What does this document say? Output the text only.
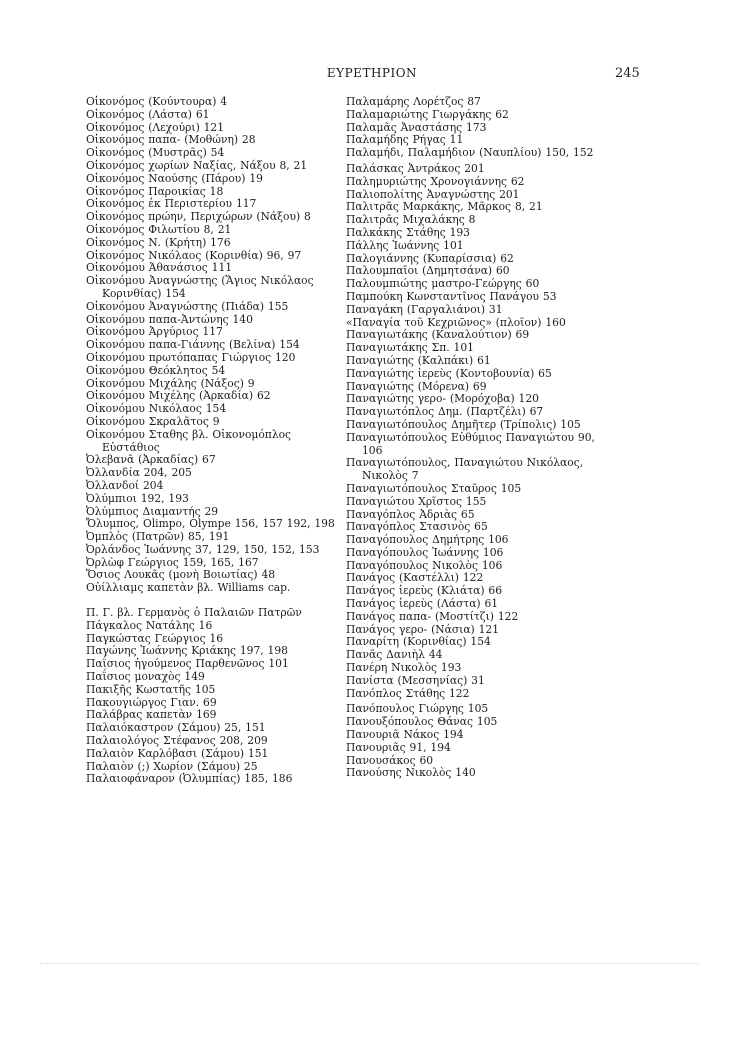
ΕΥΡΕΤΗΡΙΟΝ	245
Οἰκονόμος (Κούντουρα) 4
Οἰκονόμος (Λάστα) 61
Οἰκονόμος (Λεχούρι) 121
Οἰκονόμος παπα- (Μοθώνη) 28
Οἰκονόμος (Μυστρᾶς) 54
Οἰκονόμος χωρίων Ναξίας, Νάξου 8, 21
Οἰκονόμος Ναούσης (Πάρου) 19
Οἰκονόμος Παροικίας 18
Οἰκονόμος ἐκ Περιστερίου 117
Οἰκονόμος πρώην, Περιχώρων (Νάξου) 8
Οἰκονόμος Φιλωτίου 8, 21
Οἰκονόμος Ν. (Κρήτη) 176
Οἰκονόμος Νικόλαος (Κορινθία) 96, 97
Οἰκονόμου Ἀθανάσιος 111
Οἰκονόμου Ἀναγνώστης (Ἅγιος Νικόλαος Κορινθίας) 154
Οἰκονόμου Ἀναγνώστης (Πιάδα) 155
Οἰκονόμου παπα-Ἀντώνης 140
Οἰκονόμου Ἀργύριος 117
Οἰκονόμου παπα-Γιάννης (Βελίνα) 154
Οἰκονόμου πρωτόπαπας Γιώργιος 120
Οἰκονόμου Θεόκλητος 54
Οἰκονόμου Μιχάλης (Νάξος) 9
Οἰκονόμου Μιχέλης (Ἀρκαδία) 62
Οἰκονόμου Νικόλαος 154
Οἰκονόμου Σκραλᾶτος 9
Οἰκονόμου Σταθης βλ. Οἰκονομόπλος Εὐστάθιος
Ὀλεβανᾶ (Ἀρκαδίας) 67
Ὀλλανδία 204, 205
Ὀλλανδοί 204
Ὀλύμπιοι 192, 193
Ὀλύμπιος Διαμαντής 29
Ὄλυμπος, Olimpo, Olympe 156, 157 192, 198
Ὀμπλὸς (Πατρῶν) 85, 191
Ὀρλάνδος Ἰωάννης 37, 129, 150, 152, 153
Ὀρλὼφ Γεώργιος 159, 165, 167
Ὅσιος Λουκᾶς (μονὴ Βοιωτίας) 48
Οὐίλλιαμς καπετὰν βλ. Williams cap.
Π. Γ. βλ. Γερμανὸς ὁ Παλαιῶν Πατρῶν
Πάγκαλος Νατάλης 16
Παγκώστας Γεώργιος 16
Παγώνης Ἰωάννης Κριάκης 197, 198
Παΐσιος ἡγούμενος Παρθενῶνος 101
Παΐσιος μοναχὸς 149
Πακιξῆς Κωστατῆς 105
Πακουγιώργος Γιαν. 69
Παλάβρας καπετὰν 169
Παλαιόκαστρον (Σάμου) 25, 151
Παλαιολόγος Στέφανος 208, 209
Παλαιὸν Καρλόβασι (Σάμου) 151
Παλαιὸν (;) Χωρίον (Σάμου) 25
Παλαιοφάναρον (Ὀλυμπίας) 185, 186
Παλαμάρης Λορέτζος 87
Παλαμαριώτης Γιωργάκης 62
Παλαμᾶς Ἀναστάσης 173
Παλαμήδης Ρήγας 11
Παλαμήδι, Παλαμήδιον (Ναυπλίου) 150, 152
Παλάσκας Ἀντράκος 201
Παλημυριώτης Χρονογιάννης 62
Παλιοπολίτης Ἀναγνώστης 201
Παλιτρᾶς Μαρκάκης, Μᾶρκος 8, 21
Παλιτρᾶς Μιχαλάκης 8
Παλκάκης Στάθης 193
Πάλλης Ἰωάννης 101
Παλογιάννης (Κυπαρίσσια) 62
Παλουμπαῖοι (Δημητσάνα) 60
Παλουμπιώτης μαστρο-Γεώργης 60
Παμπούκη Κωνσταντῖνος Πανάγου 53
Παναγάκη (Γαργαλιάνοι) 31
«Παναγία τοῦ Κεχριῶνος» (πλοῖον) 160
Παναγιωτάκης (Καναλούτιον) 69
Παναγιωτάκης Σπ. 101
Παναγιώτης (Καλπάκι) 61
Παναγιώτης ἱερεὺς (Κοντοβουνία) 65
Παναγιώτης (Μόρενα) 69
Παναγιώτης γερο- (Μορόχοβα) 120
Παναγιωτόπλος Δημ. (Παρτζέλι) 67
Παναγιωτόπουλος Δημῆτερ (Τρίπολις) 105
Παναγιωτόπουλος Εὐθύμιος Παναγιώτου 90, 106
Παναγιωτόπουλος, Παναγιώτου Νικόλαος, Νικολὸς 7
Παναγιωτόπουλος Σταῦρος 105
Παναγιώτου Χρῖστος 155
Παναγόπλος Ἀδριὰς 65
Παναγόπλος Στασινὸς 65
Παναγόπουλος Δημήτρης 106
Παναγόπουλος Ἰωάννης 106
Παναγόπουλος Νικολὸς 106
Πανάγος (Καστέλλι) 122
Πανάγος ἱερεὺς (Κλιάτα) 66
Πανάγος ἱερεὺς (Λάστα) 61
Πανάγος παπα- (Μοστίτζι) 122
Πανάγος γερο- (Νάσια) 121
Παναρίτη (Κορινθίας) 154
Πανᾶς Δανιὴλ 44
Πανέρη Νικολὸς 193
Πανίστα (Μεσσηνίας) 31
Πανόπλος Στάθης 122
Πανόπουλος Γιώργης 105
Πανουξόπουλος Θάνας 105
Πανουριᾶ Νάκος 194
Πανουριᾶς 91, 194
Πανουσάκος 60
Πανούσης Νικολὸς 140
